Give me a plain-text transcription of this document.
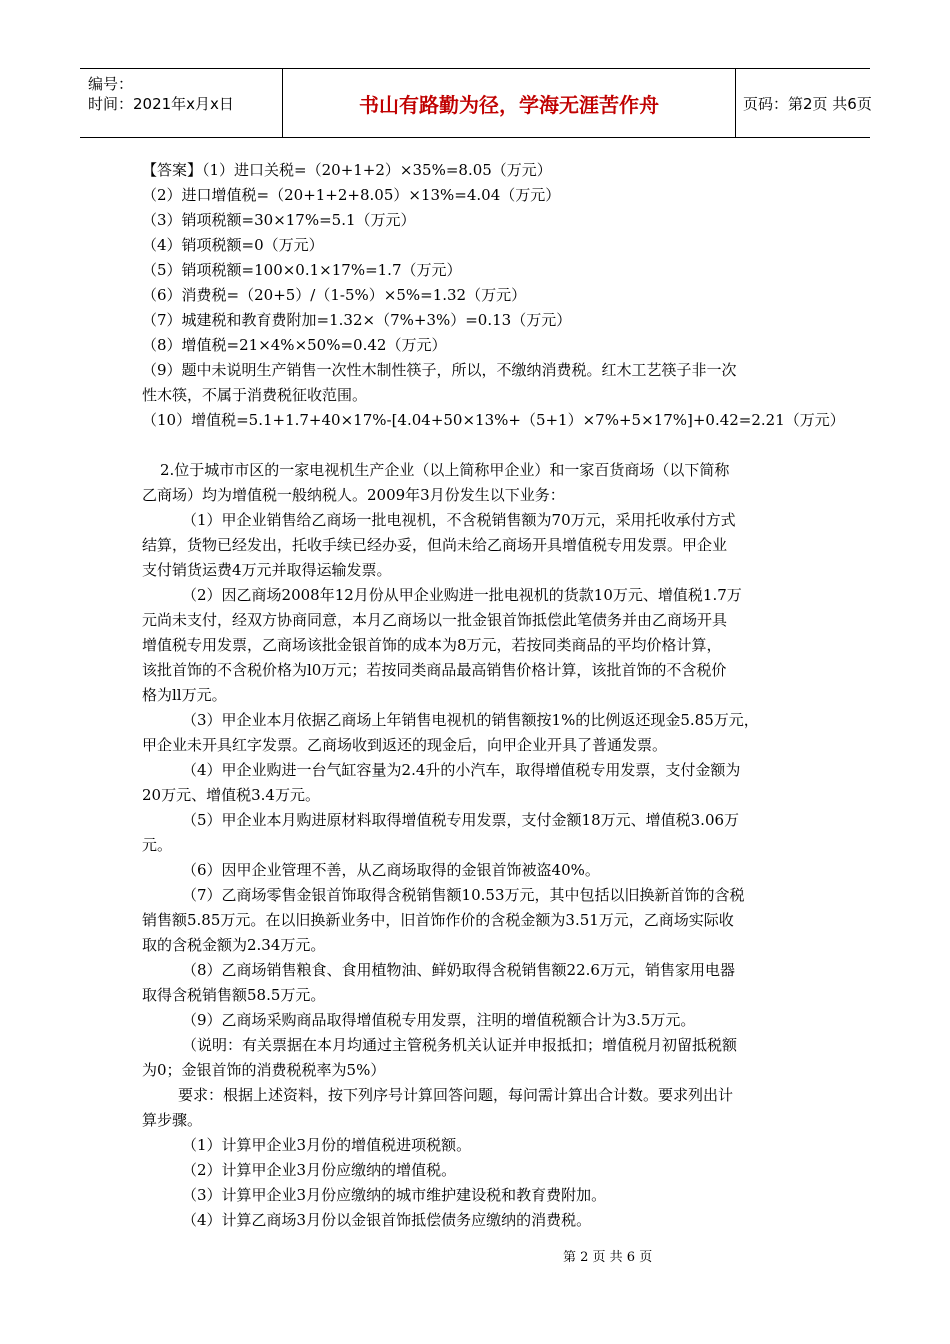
编号：
时间：2021年x月x日	书山有路勤为径，学海无涯苦作舟	页码：第2页 共6页

【答案】（1）进口关税=（20+1+2）×35%=8.05（万元）

（2）进口增值税=（20+1+2+8.05）×13%=4.04（万元）

（3）销项税额=30×17%=5.1（万元）

（4）销项税额=0（万元）

（5）销项税额=100×0.1×17%=1.7（万元）

（6）消费税=（20+5）/（1-5%）×5%=1.32（万元）

（7）城建税和教育费附加=1.32×（7%+3%）=0.13（万元）

（8）增值税=21×4%×50%=0.42（万元）

（9）题中未说明生产销售一次性木制性筷子，所以，不缴纳消费税。红木工艺筷子非一次

性木筷，不属于消费税征收范围。

（10）增值税=5.1+1.7+40×17%-[4.04+50×13%+（5+1）×7%+5×17%]+0.42=2.21（万元）

2.位于城市市区的一家电视机生产企业（以上简称甲企业）和一家百货商场（以下简称

乙商场）均为增值税一般纳税人。2009年3月份发生以下业务：

（1）甲企业销售给乙商场一批电视机，不含税销售额为70万元，采用托收承付方式

结算，货物已经发出，托收手续已经办妥，但尚未给乙商场开具增值税专用发票。甲企业

支付销货运费4万元并取得运输发票。

（2）因乙商场2008年12月份从甲企业购进一批电视机的货款10万元、增值税1.7万

元尚未支付，经双方协商同意，本月乙商场以一批金银首饰抵偿此笔债务并由乙商场开具

增值税专用发票，乙商场该批金银首饰的成本为8万元，若按同类商品的平均价格计算，

该批首饰的不含税价格为l0万元；若按同类商品最高销售价格计算，该批首饰的不含税价

格为ll万元。

（3）甲企业本月依据乙商场上年销售电视机的销售额按1%的比例返还现金5.85万元，

甲企业未开具红字发票。乙商场收到返还的现金后，向甲企业开具了普通发票。

（4）甲企业购进一台气缸容量为2.4升的小汽车，取得增值税专用发票，支付金额为

20万元、增值税3.4万元。

（5）甲企业本月购进原材料取得增值税专用发票，支付金额18万元、增值税3.06万

元。

（6）因甲企业管理不善，从乙商场取得的金银首饰被盗40%。

（7）乙商场零售金银首饰取得含税销售额10.53万元，其中包括以旧换新首饰的含税

销售额5.85万元。在以旧换新业务中，旧首饰作价的含税金额为3.51万元，乙商场实际收

取的含税金额为2.34万元。

（8）乙商场销售粮食、食用植物油、鲜奶取得含税销售额22.6万元，销售家用电器

取得含税销售额58.5万元。

（9）乙商场采购商品取得增值税专用发票，注明的增值税额合计为3.5万元。

（说明：有关票据在本月均通过主管税务机关认证并申报抵扣；增值税月初留抵税额

为0；金银首饰的消费税税率为5%）

要求：根据上述资料，按下列序号计算回答问题，每问需计算出合计数。要求列出计

算步骤。

（1）计算甲企业3月份的增值税进项税额。

（2）计算甲企业3月份应缴纳的增值税。

（3）计算甲企业3月份应缴纳的城市维护建设税和教育费附加。

（4）计算乙商场3月份以金银首饰抵偿债务应缴纳的消费税。

第 2 页 共 6 页
